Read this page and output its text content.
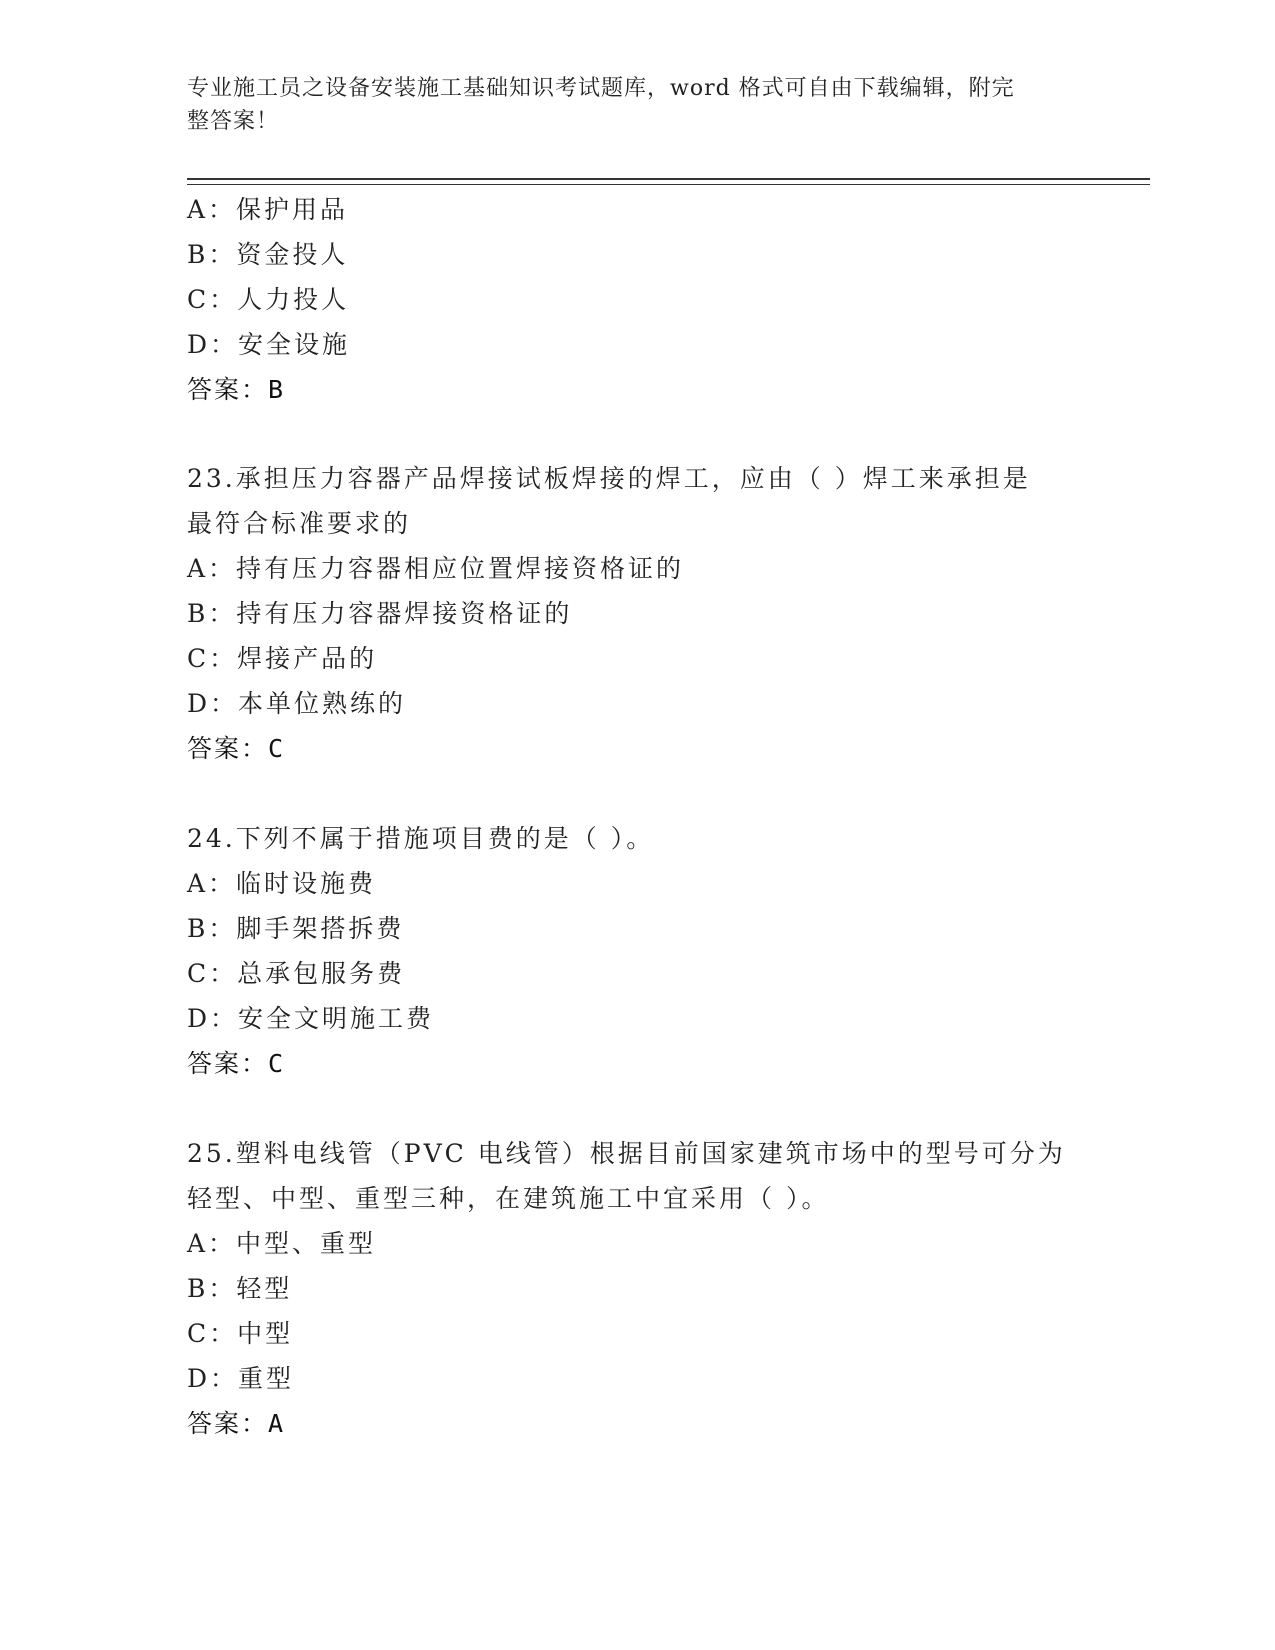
专业施工员之设备安装施工基础知识考试题库，word 格式可自由下载编辑，附完
整答案！
A：保护用品
B：资金投人
C：人力投人
D：安全设施
答案：B
23.承担压力容器产品焊接试板焊接的焊工，应由（ ）焊工来承担是
最符合标准要求的
A：持有压力容器相应位置焊接资格证的
B：持有压力容器焊接资格证的
C：焊接产品的
D：本单位熟练的
答案：C
24.下列不属于措施项目费的是（ ）。
A：临时设施费
B：脚手架搭拆费
C：总承包服务费
D：安全文明施工费
答案：C
25.塑料电线管（PVC 电线管）根据目前国家建筑市场中的型号可分为
轻型、中型、重型三种，在建筑施工中宜采用（ ）。
A：中型、重型
B：轻型
C：中型
D：重型
答案：A
